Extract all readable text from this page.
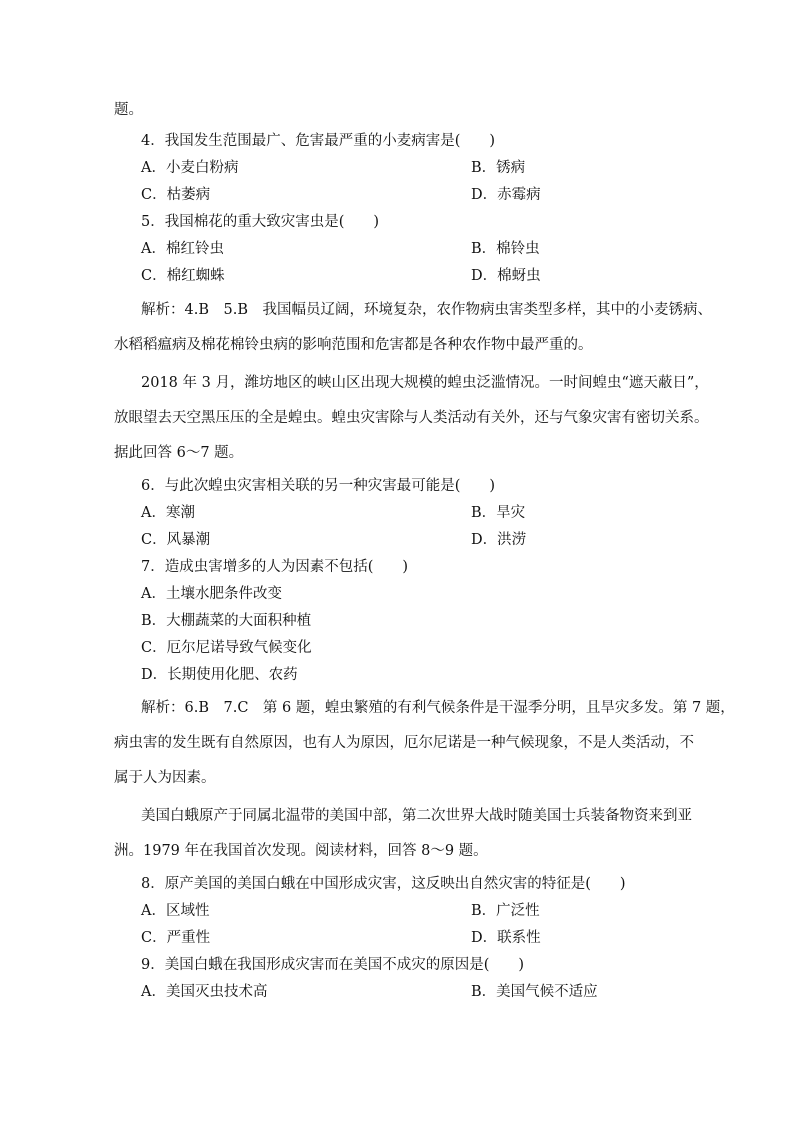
题。
4．我国发生范围最广、危害最严重的小麦病害是(　　)
A．小麦白粉病	B．锈病
C．枯萎病	D．赤霉病
5．我国棉花的重大致灾害虫是(　　)
A．棉红铃虫	B．棉铃虫
C．棉红蜘蛛	D．棉蚜虫
解析：4.B　5.B　我国幅员辽阔，环境复杂，农作物病虫害类型多样，其中的小麦锈病、
水稻稻瘟病及棉花棉铃虫病的影响范围和危害都是各种农作物中最严重的。
2018 年 3 月，潍坊地区的峡山区出现大规模的蝗虫泛滥情况。一时间蝗虫“遮天蔽日”，
放眼望去天空黑压压的全是蝗虫。蝗虫灾害除与人类活动有关外，还与气象灾害有密切关系。
据此回答 6～7 题。
6．与此次蝗虫灾害相关联的另一种灾害最可能是(　　)
A．寒潮	B．旱灾
C．风暴潮	D．洪涝
7．造成虫害增多的人为因素不包括(　　)
A．土壤水肥条件改变
B．大棚蔬菜的大面积种植
C．厄尔尼诺导致气候变化
D．长期使用化肥、农药
解析：6.B　7.C　第 6 题，蝗虫繁殖的有利气候条件是干湿季分明，且旱灾多发。第 7 题，
病虫害的发生既有自然原因，也有人为原因，厄尔尼诺是一种气候现象，不是人类活动，不
属于人为因素。
美国白蛾原产于同属北温带的美国中部，第二次世界大战时随美国士兵装备物资来到亚
洲。1979 年在我国首次发现。阅读材料，回答 8～9 题。
8．原产美国的美国白蛾在中国形成灾害，这反映出自然灾害的特征是(　　)
A．区域性	B．广泛性
C．严重性	D．联系性
9．美国白蛾在我国形成灾害而在美国不成灾的原因是(　　)
A．美国灭虫技术高	B．美国气候不适应
